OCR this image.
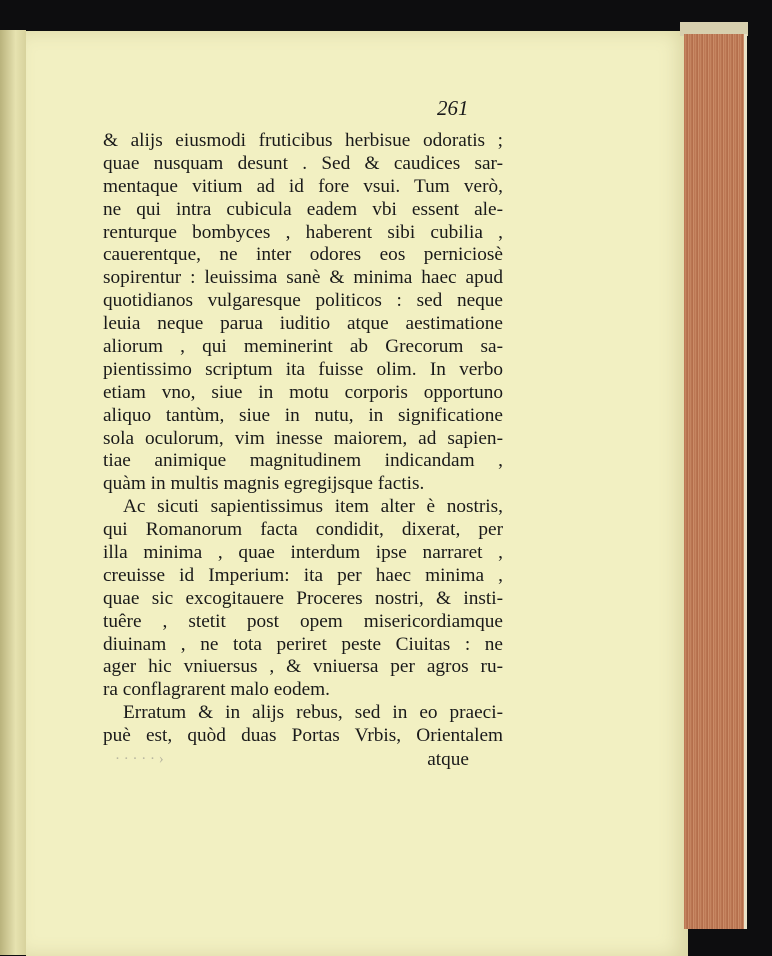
261
& alijs eiusmodi fruticibus herbisue odoratis ;
quae nusquam desunt . Sed & caudices sar-
mentaque vitium ad id fore vsui. Tum verò,
ne qui intra cubicula eadem vbi essent ale-
renturque bombyces , haberent sibi cubilia ,
cauerentque, ne inter odores eos perniciosè
sopirentur : leuissima sanè & minima haec apud
quotidianos vulgaresque politicos : sed neque
leuia neque parua iuditio atque aestimatione
aliorum , qui meminerint ab Grecorum sa-
pientissimo scriptum ita fuisse olim. In verbo
etiam vno, siue in motu corporis opportuno
aliquo tantùm, siue in nutu, in significatione
sola oculorum, vim inesse maiorem, ad sapien-
tiae animique magnitudinem indicandam ,
quàm in multis magnis egregijsque factis.
Ac sicuti sapientissimus item alter è nostris,
qui Romanorum facta condidit, dixerat, per
illa minima , quae interdum ipse narraret ,
creuisse id Imperium: ita per haec minima ,
quae sic excogitauere Proceres nostri, & insti-
tuêre , stetit post opem misericordiamque
diuinam , ne tota periret peste Ciuitas : ne
ager hic vniuersus , & vniuersa per agros ru-
ra conflagrarent malo eodem.
Erratum & in alijs rebus, sed in eo praeci-
puè est, quòd duas Portas Vrbis, Orientalem
· · · · · ›	atque
